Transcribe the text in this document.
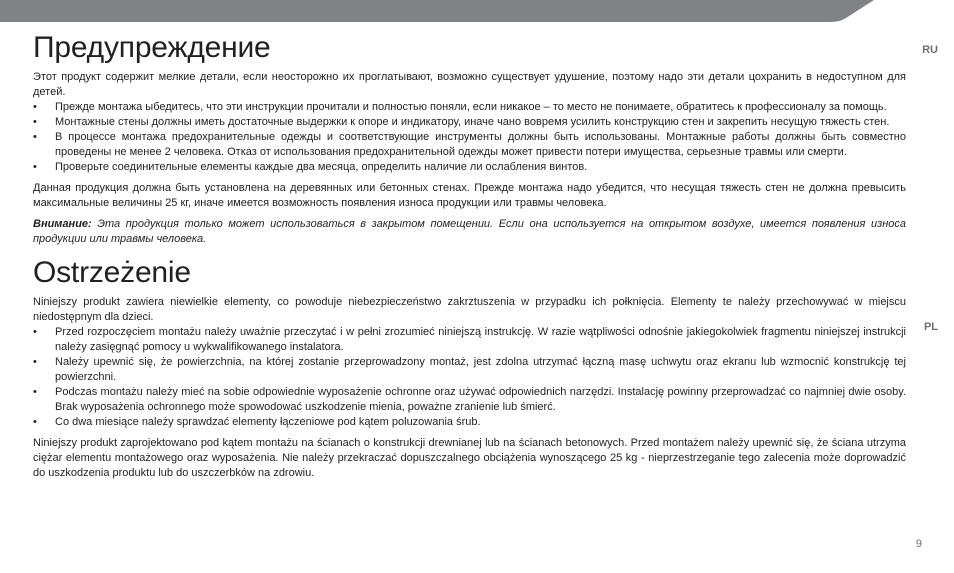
RU
PL
Предупреждение

Этот продукт содержит мелкие детали, если неосторожно их проглатывают, возможно существует удушение, поэтому надо эти детали цохранить в недоступном для детей.

• Прежде монтажа ыбедитесь, что эти инструкции прочитали и полностью поняли, если никакое – то место не понимаете, обратитесь к профессионалу за помощь.
• Монтажные стены должны иметь достаточные выдержки к опоре и индикатору, иначе чано вовремя усилить конструкцию стен и закрепить несущую тяжесть стен.
• В процессе монтажа предохранительные одежды и соответствующие инструменты должны быть использованы. Монтажные работы должны быть совместно проведены не менее 2 человека. Отказ от использования предохранительной одежды может привести потери имущества, серьезные травмы или смерти.
• Проверьте соединительные елементы каждые два месяца, определить наличие ли ослабления винтов.

Данная продукция должна быть установлена на деревянных или бетонных стенах. Прежде монтажа надо убедится, что несущая тяжесть стен не должна превысить максимальные величины 25 кг, иначе имеется возможность появления износа продукции или травмы человека.

Внимание: Эта продукция только может использоваться в закрытом помещении. Если она используется на открытом воздухе, имеется появления износа продукции или травмы человека.

Ostrzeżenie

Niniejszy produkt zawiera niewielkie elementy, co powoduje niebezpieczeństwo zakrztuszenia w przypadku ich połknięcia. Elementy te należy przechowywać w miejscu niedostępnym dla dzieci.

• Przed rozpoczęciem montażu należy uważnie przeczytać i w pełni zrozumieć niniejszą instrukcję. W razie wątpliwości odnośnie jakiegokolwiek fragmentu niniejszej instrukcji należy zasięgnąć pomocy u wykwalifikowanego instalatora.
• Należy upewnić się, że powierzchnia, na której zostanie przeprowadzony montaż, jest zdolna utrzymać łączną masę uchwytu oraz ekranu lub wzmocnić konstrukcję tej powierzchni.
• Podczas montażu należy mieć na sobie odpowiednie wyposażenie ochronne oraz używać odpowiednich narzędzi. Instalację powinny przeprowadzać co najmniej dwie osoby. Brak wyposażenia ochronnego może spowodować uszkodzenie mienia, poważne zranienie lub śmierć.
• Co dwa miesiące należy sprawdzać elementy łączeniowe pod kątem poluzowania śrub.

Niniejszy produkt zaprojektowano pod kątem montażu na ścianach o konstrukcji drewnianej lub na ścianach betonowych. Przed montażem należy upewnić się, że ściana utrzyma ciężar elementu montażowego oraz wyposażenia. Nie należy przekraczać dopuszczalnego obciążenia wynoszącego 25 kg - nieprzestrzeganie tego zalecenia może doprowadzić do uszkodzenia produktu lub do uszczerbków na zdrowiu.

9
